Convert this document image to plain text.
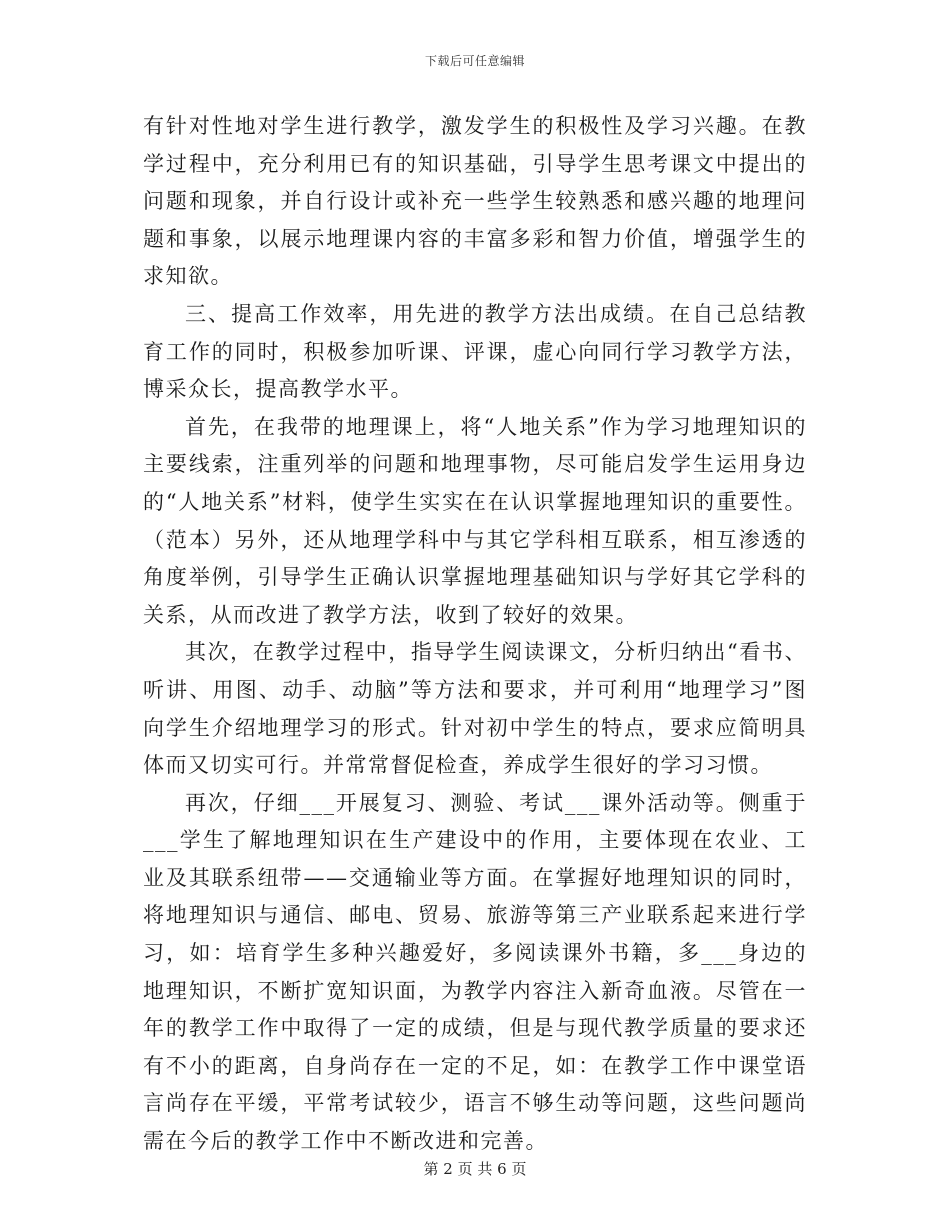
下载后可任意编辑

有针对性地对学生进行教学，激发学生的积极性及学习兴趣。在教学过程中，充分利用已有的知识基础，引导学生思考课文中提出的问题和现象，并自行设计或补充一些学生较熟悉和感兴趣的地理问题和事象，以展示地理课内容的丰富多彩和智力价值，增强学生的求知欲。

三、提高工作效率，用先进的教学方法出成绩。在自己总结教育工作的同时，积极参加听课、评课，虚心向同行学习教学方法，博采众长，提高教学水平。

首先，在我带的地理课上，将“人地关系”作为学习地理知识的主要线索，注重列举的问题和地理事物，尽可能启发学生运用身边的“人地关系”材料，使学生实实在在认识掌握地理知识的重要性。（范本）另外，还从地理学科中与其它学科相互联系，相互渗透的角度举例，引导学生正确认识掌握地理基础知识与学好其它学科的关系，从而改进了教学方法，收到了较好的效果。

其次，在教学过程中，指导学生阅读课文，分析归纳出“看书、听讲、用图、动手、动脑”等方法和要求，并可利用“地理学习”图向学生介绍地理学习的形式。针对初中学生的特点，要求应简明具体而又切实可行。并常常督促检查，养成学生很好的学习习惯。

再次，仔细___开展复习、测验、考试___课外活动等。侧重于___学生了解地理知识在生产建设中的作用，主要体现在农业、工业及其联系纽带——交通输业等方面。在掌握好地理知识的同时，将地理知识与通信、邮电、贸易、旅游等第三产业联系起来进行学习，如：培育学生多种兴趣爱好，多阅读课外书籍，多___身边的地理知识，不断扩宽知识面，为教学内容注入新奇血液。尽管在一年的教学工作中取得了一定的成绩，但是与现代教学质量的要求还有不小的距离，自身尚存在一定的不足，如：在教学工作中课堂语言尚存在平缓，平常考试较少，语言不够生动等问题，这些问题尚需在今后的教学工作中不断改进和完善。

第 2 页 共 6 页
